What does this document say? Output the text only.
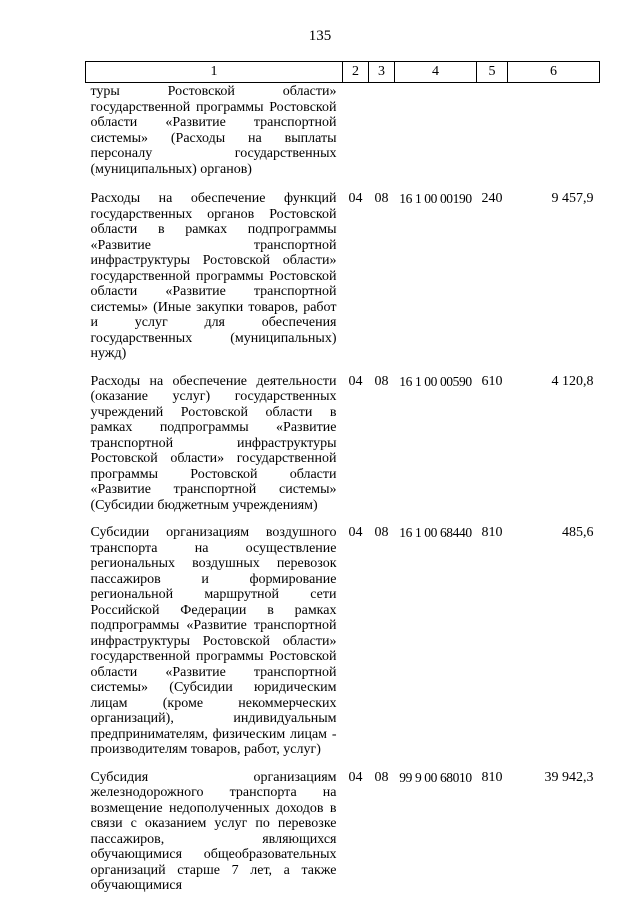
135
1	2	3	4	5	6
туры Ростовской области» государственной программы Ростовской области «Развитие транспортной системы» (Расходы на выплаты персоналу государственных (муниципальных) органов)					
Расходы на обеспечение функций государственных органов Ростовской области в рамках подпрограммы «Развитие транспортной инфраструктуры Ростовской области» государственной программы Ростовской области «Развитие транспортной системы» (Иные закупки товаров, работ и услуг для обеспечения государственных (муниципальных) нужд)	04	08	16 1 00 00190	240	9 457,9
Расходы на обеспечение деятельности (оказание услуг) государственных учреждений Ростовской области в рамках подпрограммы «Развитие транспортной инфраструктуры Ростовской области» государственной программы Ростовской области «Развитие транспортной системы» (Субсидии бюджетным учреждениям)	04	08	16 1 00 00590	610	4 120,8
Субсидии организациям воздушного транспорта на осуществление региональных воздушных перевозок пассажиров и формирование региональной маршрутной сети Российской Федерации в рамках подпрограммы «Развитие транспортной инфраструктуры Ростовской области» государственной программы Ростовской области «Развитие транспортной системы» (Субсидии юридическим лицам (кроме некоммерческих организаций), индивидуальным предпринимателям, физическим лицам - производителям товаров, работ, услуг)	04	08	16 1 00 68440	810	485,6
Субсидия организациям железнодорожного транспорта на возмещение недополученных доходов в связи с оказанием услуг по перевозке пассажиров, являющихся обучающимися общеобразовательных организаций старше 7 лет, а также обучающимися	04	08	99 9 00 68010	810	39 942,3
